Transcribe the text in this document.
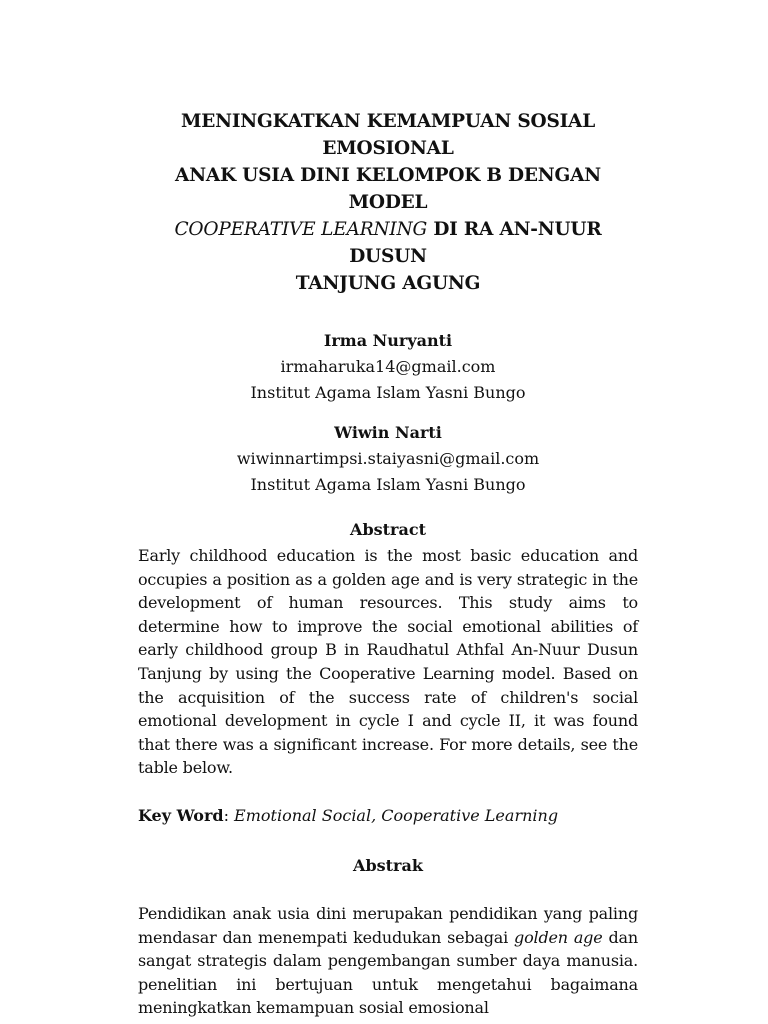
MENINGKATKAN KEMAMPUAN SOSIAL EMOSIONAL
ANAK USIA DINI KELOMPOK B DENGAN MODEL
COOPERATIVE LEARNING DI RA AN-NUUR DUSUN
TANJUNG AGUNG
Irma Nuryanti
irmaharuka14@gmail.com
Institut Agama Islam Yasni Bungo
Wiwin Narti
wiwinnartimpsi.staiyasni@gmail.com
Institut Agama Islam Yasni Bungo
Abstract

Early childhood education is the most basic education and occupies a position as a golden age and is very strategic in the development of human resources. This study aims to determine how to improve the social emotional abilities of early childhood group B in Raudhatul Athfal An-Nuur Dusun Tanjung by using the Cooperative Learning model. Based on the acquisition of the success rate of children's social emotional development in cycle I and cycle II, it was found that there was a significant increase. For more details, see the table below.

Key Word: Emotional Social, Cooperative Learning
Abstrak

Pendidikan anak usia dini merupakan pendidikan yang paling mendasar dan menempati kedudukan sebagai golden age dan sangat strategis dalam pengembangan sumber daya manusia. penelitian ini bertujuan untuk mengetahui bagaimana meningkatkan kemampuan sosial emosional
